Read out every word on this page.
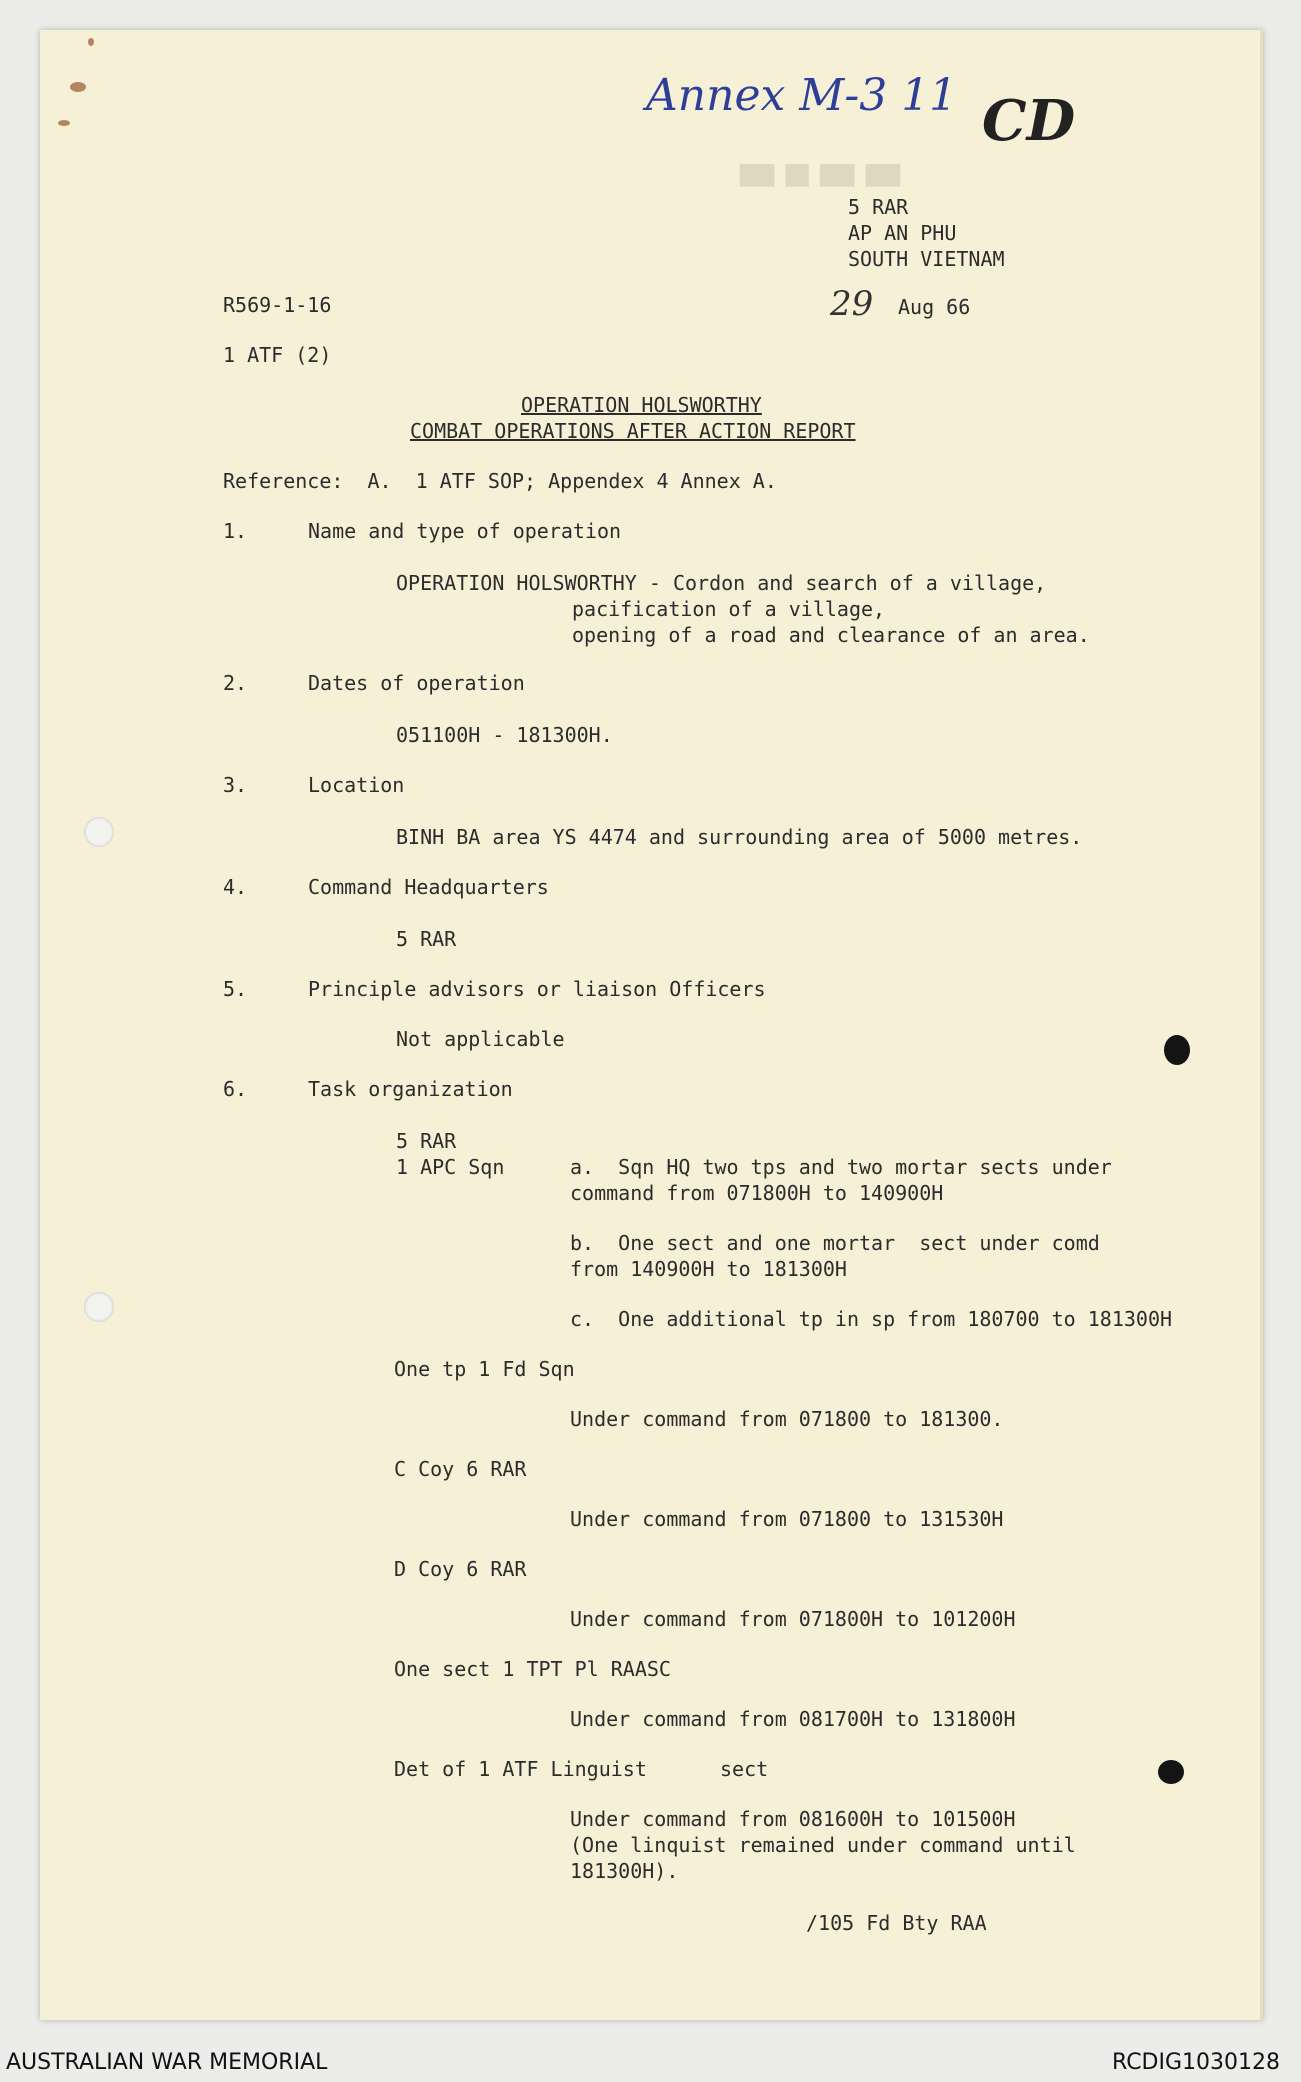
███ ██ ███ ███
Annex M-3 11 CD
5 RAR
AP AN PHU
SOUTH VIETNAM
R569-1-16	29 Aug 66
1 ATF (2)
OPERATION HOLSWORTHY
COMBAT OPERATIONS AFTER ACTION REPORT
Reference:  A.  1 ATF SOP; Appendex 4 Annex A.
1.	Name and type of operation
OPERATION HOLSWORTHY - Cordon and search of a village,
pacification of a village,
opening of a road and clearance of an area.
2.	Dates of operation
051100H - 181300H.
3.	Location
BINH BA area YS 4474 and surrounding area of 5000 metres.
4.	Command Headquarters
5 RAR
5.	Principle advisors or liaison Officers
Not applicable
6.	Task organization
5 RAR
1 APC Sqn	a.  Sqn HQ two tps and two mortar sects under
command from 071800H to 140900H
b.  One sect and one mortar  sect under comd
from 140900H to 181300H
c.  One additional tp in sp from 180700 to 181300H
One tp 1 Fd Sqn
Under command from 071800 to 181300.
C Coy 6 RAR
Under command from 071800 to 131530H
D Coy 6 RAR
Under command from 071800H to 101200H
One sect 1 TPT Pl RAASC
Under command from 081700H to 131800H
Det of 1 ATF Linguist	sect
Under command from 081600H to 101500H
(One linquist remained under command until
181300H).
/105 Fd Bty RAA
AUSTRALIAN WAR MEMORIAL	RCDIG1030128
